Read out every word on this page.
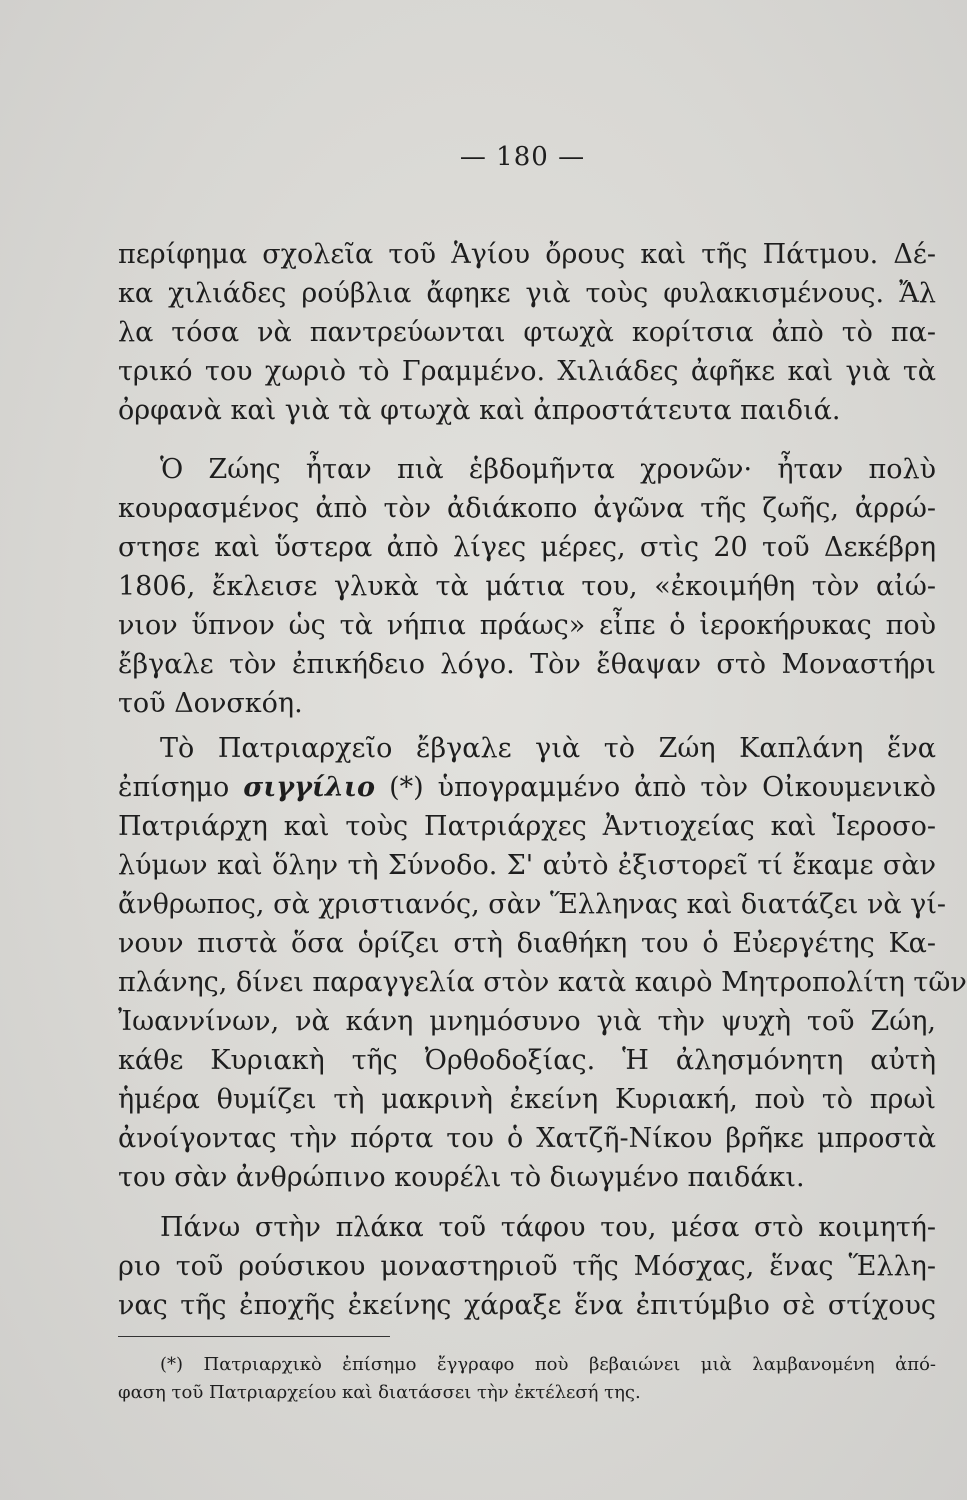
— 180 —
περίφημα σχολεῖα τοῦ Ἁγίου ὄρους καὶ τῆς Πάτμου. Δέ-
κα χιλιάδες ρούβλια ἄφηκε γιὰ τοὺς φυλακισμένους. Ἄλ
λα τόσα νὰ παντρεύωνται φτωχὰ κορίτσια ἀπὸ τὸ πα-
τρικό του χωριὸ τὸ Γραμμένο. Χιλιάδες ἀφῆκε καὶ γιὰ τὰ
ὀρφανὰ καὶ γιὰ τὰ φτωχὰ καὶ ἀπροστάτευτα παιδιά.
Ὁ Ζώης ἦταν πιὰ ἑβδομῆντα χρονῶν· ἦταν πολὺ
κουρασμένος ἀπὸ τὸν ἀδιάκοπο ἀγῶνα τῆς ζωῆς, ἀρρώ-
στησε καὶ ὕστερα ἀπὸ λίγες μέρες, στὶς 20 τοῦ Δεκέβρη
1806, ἔκλεισε γλυκὰ τὰ μάτια του, «ἐκοιμήθη τὸν αἰώ-
νιον ὕπνον ὡς τὰ νήπια πράως» εἶπε ὁ ἱεροκήρυκας ποὺ
ἔβγαλε τὸν ἐπικήδειο λόγο. Τὸν ἔθαψαν στὸ Μοναστήρι
τοῦ Δονσκόη.
Τὸ Πατριαρχεῖο ἔβγαλε γιὰ τὸ Ζώη Καπλάνη ἕνα
ἐπίσημο σιγγίλιο (*) ὑπογραμμένο ἀπὸ τὸν Οἰκουμενικὸ
Πατριάρχη καὶ τοὺς Πατριάρχες Ἀντιοχείας καὶ Ἱεροσο-
λύμων καὶ ὅλην τὴ Σύνοδο. Σ' αὐτὸ ἐξιστορεῖ τί ἔκαμε σὰν
ἄνθρωπος, σὰ χριστιανός, σὰν Ἕλληνας καὶ διατάζει νὰ γί-
νουν πιστὰ ὅσα ὁρίζει στὴ διαθήκη του ὁ Εὐεργέτης Κα-
πλάνης, δίνει παραγγελία στὸν κατὰ καιρὸ Μητροπολίτη τῶν
Ἰωαννίνων, νὰ κάνη μνημόσυνο γιὰ τὴν ψυχὴ τοῦ Ζώη,
κάθε Κυριακὴ τῆς Ὀρθοδοξίας. Ἡ ἀλησμόνητη αὐτὴ
ἡμέρα θυμίζει τὴ μακρινὴ ἐκείνη Κυριακή, ποὺ τὸ πρωὶ
ἀνοίγοντας τὴν πόρτα του ὁ Χατζῆ-Νίκου βρῆκε μπροστὰ
του σὰν ἀνθρώπινο κουρέλι τὸ διωγμένο παιδάκι.
Πάνω στὴν πλάκα τοῦ τάφου του, μέσα στὸ κοιμητή-
ριο τοῦ ρούσικου μοναστηριοῦ τῆς Μόσχας, ἕνας Ἕλλη-
νας τῆς ἐποχῆς ἐκείνης χάραξε ἕνα ἐπιτύμβιο σὲ στίχους
(*) Πατριαρχικὸ ἐπίσημο ἔγγραφο ποὺ βεβαιώνει μιὰ λαμβανομένη ἀπό-
φαση τοῦ Πατριαρχείου καὶ διατάσσει τὴν ἐκτέλεσή της.
